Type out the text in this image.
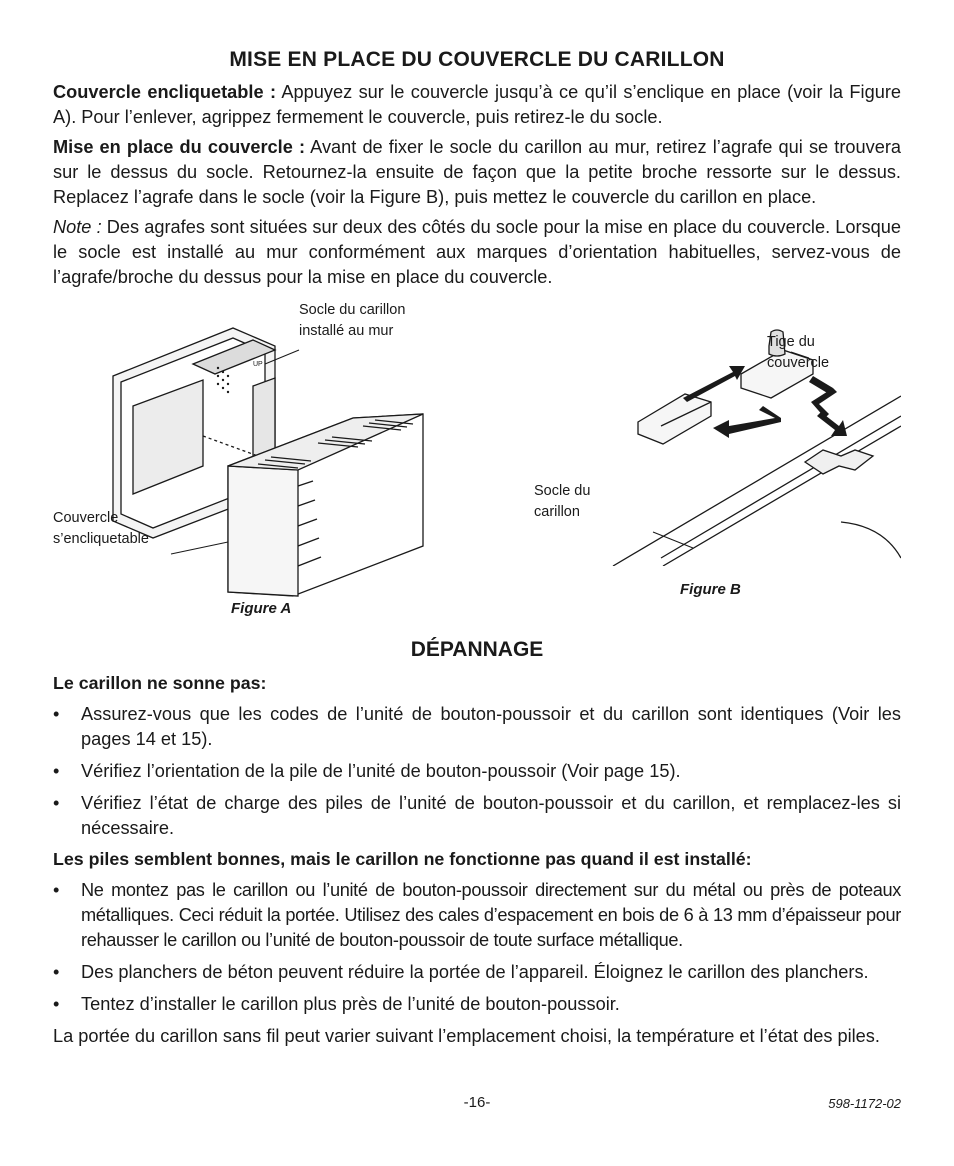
MISE EN PLACE DU COUVERCLE DU CARILLON

Couvercle encliquetable : Appuyez sur le couvercle jusqu’à ce qu’il s’enclique en place (voir la Figure A). Pour l’enlever, agrippez fermement le couvercle, puis retirez-le du socle.

Mise en place du couvercle : Avant de fixer le socle du carillon au mur, retirez l’agrafe qui se trouvera sur le dessus du socle. Retournez-la ensuite de façon que la petite broche ressorte sur le dessus. Replacez l’agrafe dans le socle (voir la Figure B), puis mettez le couvercle du carillon en place.

Note : Des agrafes sont situées sur deux des côtés du socle pour la mise en place du couvercle. Lorsque le socle est installé au mur conformément aux marques d’orientation habituelles, servez-vous de l’agrafe/broche du dessus pour la mise en place du couvercle.

UP
Socle du carillon
installé au mur
Couvercle
s’encliquetable
Figure A
Tige du
couvercle
Socle du
carillon
Figure B
DÉPANNAGE
Le carillon ne sonne pas:
• Assurez-vous que les codes de l’unité de bouton-poussoir et du carillon sont identiques (Voir les pages 14 et 15).
• Vérifiez l’orientation de la pile de l’unité de bouton-poussoir (Voir page 15).
• Vérifiez l’état de charge des piles de l’unité de bouton-poussoir et du carillon, et remplacez-les si nécessaire.
Les piles semblent bonnes, mais le carillon ne fonctionne pas quand il est installé:
• Ne montez pas le carillon ou l’unité de bouton-poussoir directement sur du métal ou près de poteaux métalliques. Ceci réduit la portée. Utilisez des cales d’espacement en bois de 6 à 13 mm d’épaisseur pour rehausser le carillon ou l’unité de bouton-poussoir de toute surface métallique.
• Des planchers de béton peuvent réduire la portée de l’appareil. Éloignez le carillon des planchers.
• Tentez d’installer le carillon plus près de l’unité de bouton-poussoir.

La portée du carillon sans fil peut varier suivant l’emplacement choisi, la température et l’état des piles.

-16-	598-1172-02
